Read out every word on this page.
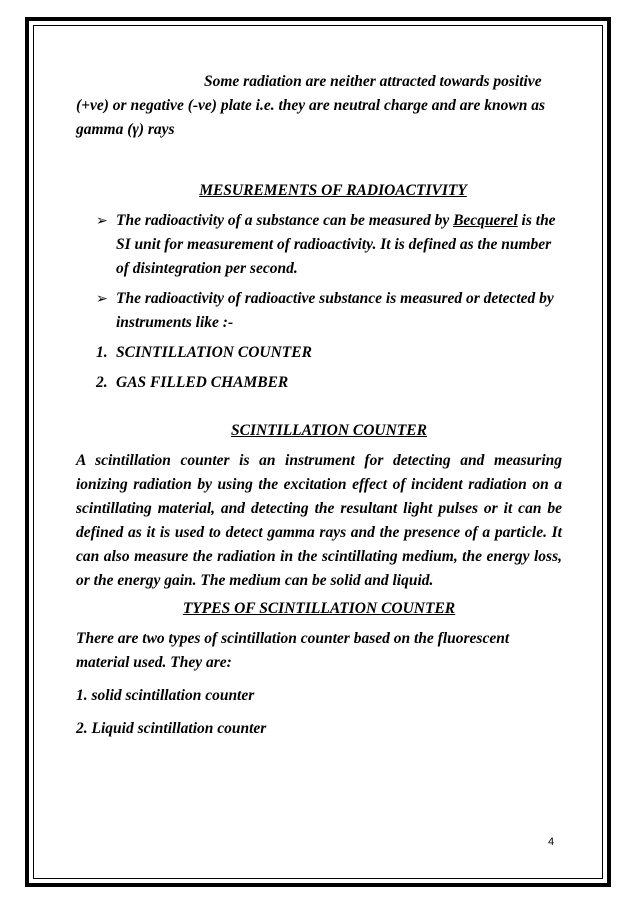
Some radiation are neither attracted towards positive (+ve) or negative (-ve) plate i.e. they are neutral charge and are known as gamma (γ) rays

MESUREMENTS OF RADIOACTIVITY

➢ The radioactivity of a substance can be measured by Becquerel is the SI unit for measurement of radioactivity. It is defined as the number of disintegration per second.
➢ The radioactivity of radioactive substance is measured or detected by instruments like :-
1. SCINTILLATION COUNTER
2. GAS FILLED CHAMBER

SCINTILLATION COUNTER

A scintillation counter is an instrument for detecting and measuring ionizing radiation by using the excitation effect of incident radiation on a scintillating material, and detecting the resultant light pulses or it can be defined as it is used to detect gamma rays and the presence of a particle. It can also measure the radiation in the scintillating medium, the energy loss, or the energy gain. The medium can be solid and liquid.

TYPES OF SCINTILLATION COUNTER

There are two types of scintillation counter based on the fluorescent material used. They are:

1. solid scintillation counter

2. Liquid scintillation counter

4
